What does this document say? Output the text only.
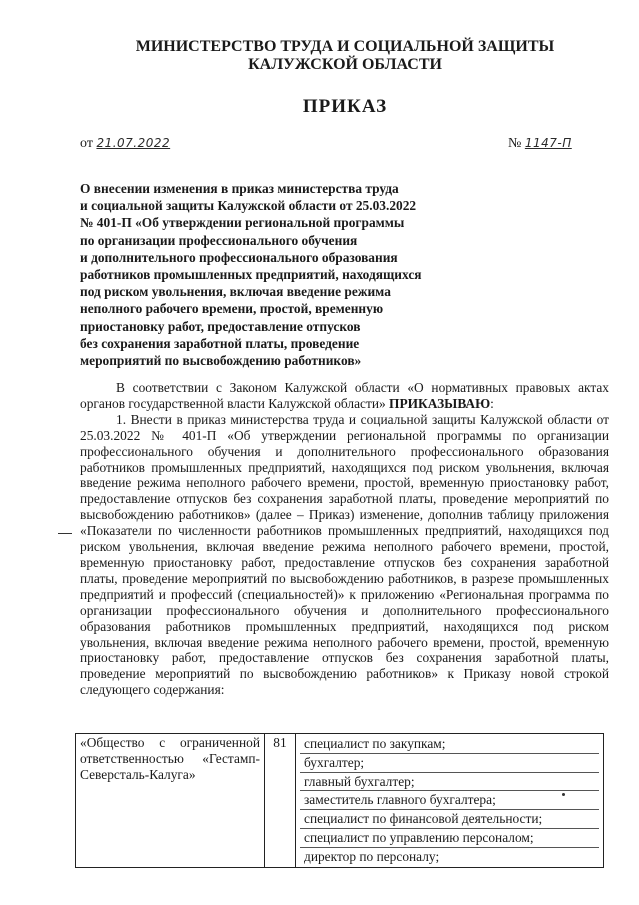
МИНИСТЕРСТВО ТРУДА И СОЦИАЛЬНОЙ ЗАЩИТЫ
КАЛУЖСКОЙ ОБЛАСТИ
ПРИКАЗ
от 21.07.2022	№ 1147-П
О внесении изменения в приказ министерства труда
и социальной защиты Калужской области от 25.03.2022
№ 401-П «Об утверждении региональной программы
по организации профессионального обучения
и дополнительного профессионального образования
работников промышленных предприятий, находящихся
под риском увольнения, включая введение режима
неполного рабочего времени, простой, временную
приостановку работ, предоставление отпусков
без сохранения заработной платы, проведение
мероприятий по высвобождению работников»

В соответствии с Законом Калужской области «О нормативных правовых актах органов государственной власти Калужской области» ПРИКАЗЫВАЮ:

1. Внести в приказ министерства труда и социальной защиты Калужской области от 25.03.2022 № 401-П «Об утверждении региональной программы по организации профессионального обучения и дополнительного профессионального образования работников промышленных предприятий, находящихся под риском увольнения, включая введение режима неполного рабочего времени, простой, временную приостановку работ, предоставление отпусков без сохранения заработной платы, проведение мероприятий по высвобождению работников» (далее – Приказ) изменение, дополнив таблицу приложения «Показатели по численности работников промышленных предприятий, находящихся под риском увольнения, включая введение режима неполного рабочего времени, простой, временную приостановку работ, предоставление отпусков без сохранения заработной платы, проведение мероприятий по высвобождению работников, в разрезе промышленных предприятий и профессий (специальностей)» к приложению «Региональная программа по организации профессионального обучения и дополнительного профессионального образования работников промышленных предприятий, находящихся под риском увольнения, включая введение режима неполного рабочего времени, простой, временную приостановку работ, предоставление отпусков без сохранения заработной платы, проведение мероприятий по высвобождению работников» к Приказу новой строкой следующего содержания:

«Общество с ограниченной ответственностью «Гестамп-Северсталь-Калуга»	81	специалист по закупкам;
бухгалтер;
главный бухгалтер;
заместитель главного бухгалтера;
специалист по финансовой деятельности;
специалист по управлению персоналом;
директор по персоналу;
